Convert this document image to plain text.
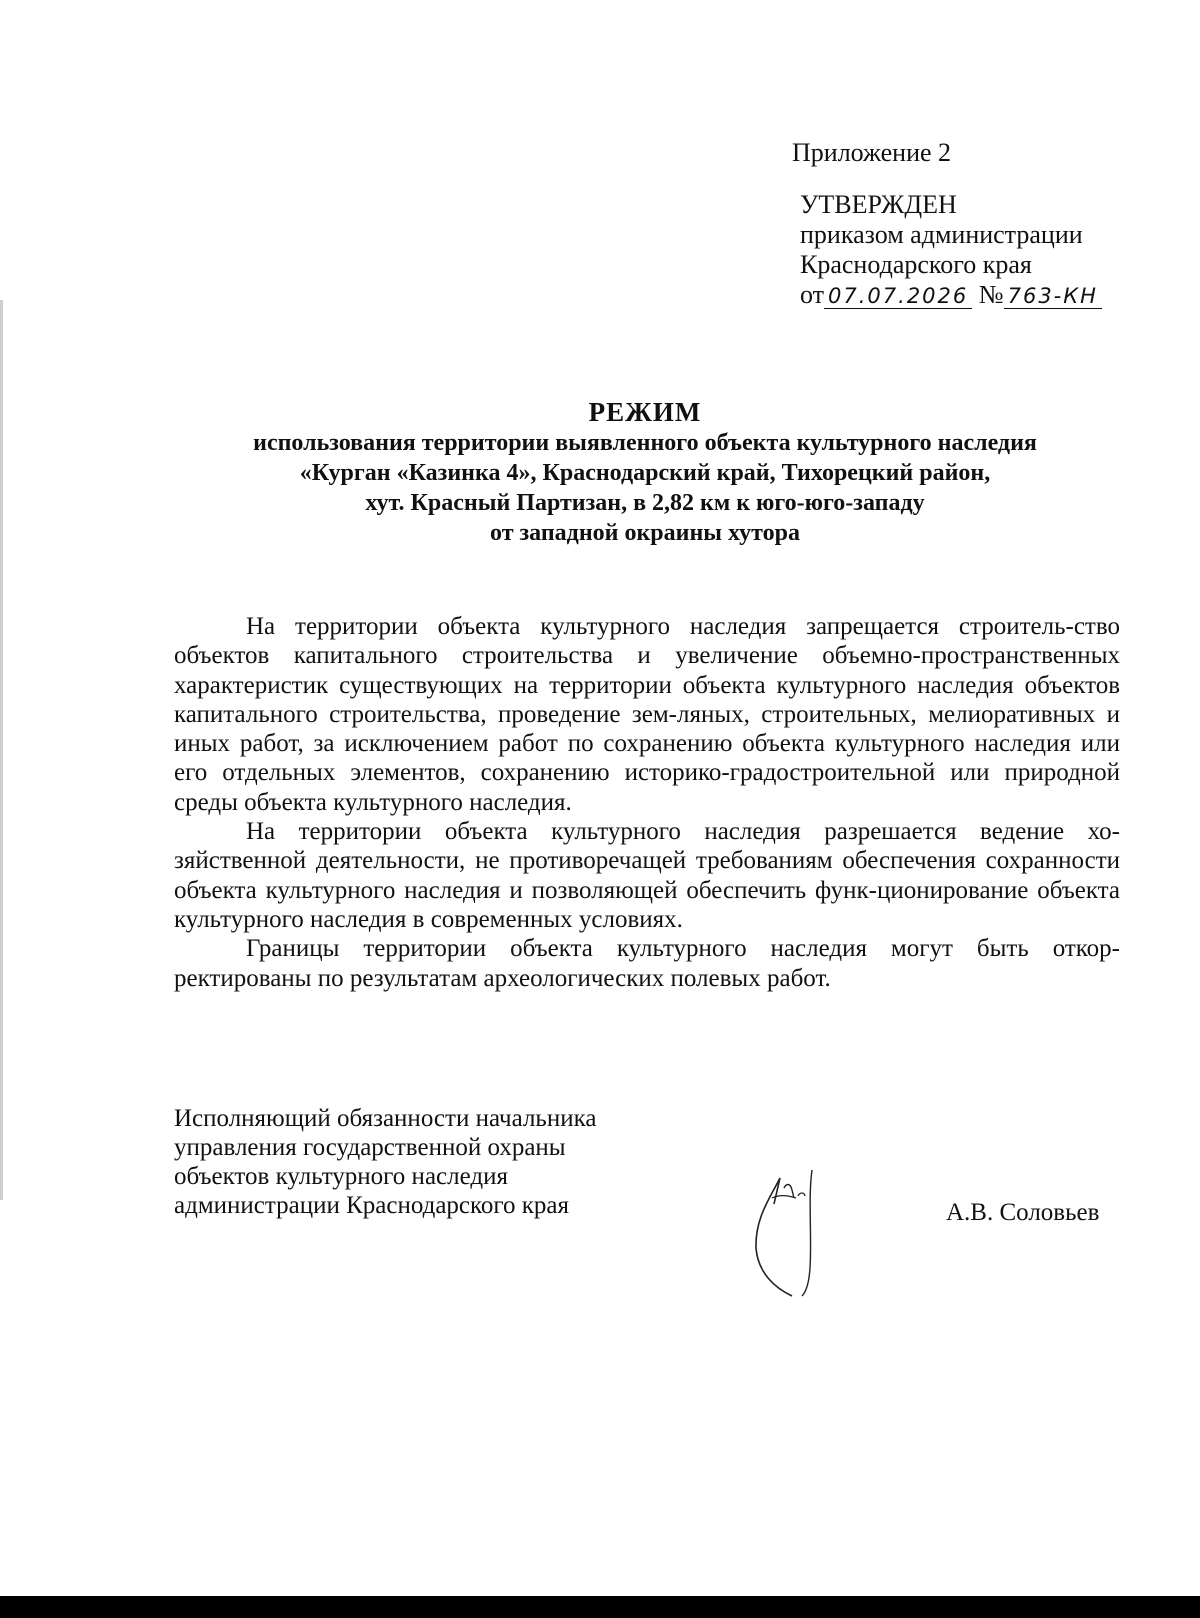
Приложение 2
УТВЕРЖДЕН
приказом администрации
Краснодарского края
от 07.07.2026 № 763-КН
РЕЖИМ
использования территории выявленного объекта культурного наследия
«Курган «Казинка 4», Краснодарский край, Тихорецкий район,
хут. Красный Партизан, в 2,82 км к юго-юго-западу
от западной окраины хутора

На территории объекта культурного наследия запрещается строитель-ство объектов капитального строительства и увеличение объемно-пространственных характеристик существующих на территории объекта культурного наследия объектов капитального строительства, проведение зем-ляных, строительных, мелиоративных и иных работ, за исключением работ по сохранению объекта культурного наследия или его отдельных элементов, сохранению историко-градостроительной или природной среды объекта культурного наследия.

На территории объекта культурного наследия разрешается ведение хо-зяйственной деятельности, не противоречащей требованиям обеспечения сохранности объекта культурного наследия и позволяющей обеспечить функ-ционирование объекта культурного наследия в современных условиях.

Границы территории объекта культурного наследия могут быть откор-ректированы по результатам археологических полевых работ.

Исполняющий обязанности начальника
управления государственной охраны
объектов культурного наследия
администрации Краснодарского края	А.В. Соловьев
